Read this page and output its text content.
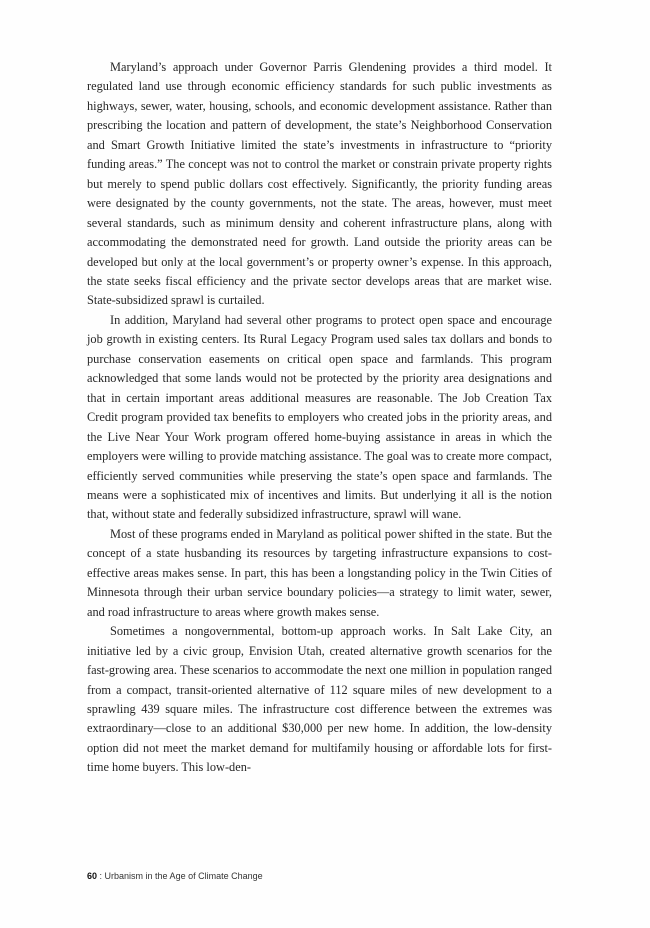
Maryland’s approach under Governor Parris Glendening provides a third model. It regulated land use through economic efficiency standards for such public investments as highways, sewer, water, housing, schools, and economic development assistance. Rather than prescribing the location and pattern of development, the state’s Neighborhood Conservation and Smart Growth Initiative limited the state’s investments in infrastructure to “priority funding areas.” The concept was not to control the market or constrain private property rights but merely to spend public dollars cost effectively. Significantly, the priority funding areas were designated by the county governments, not the state. The areas, however, must meet several standards, such as minimum density and coherent infrastructure plans, along with accommodating the demonstrated need for growth. Land outside the priority areas can be developed but only at the local government’s or property owner’s expense. In this approach, the state seeks fiscal efficiency and the private sector develops areas that are market wise. State-subsidized sprawl is curtailed.

In addition, Maryland had several other programs to protect open space and encourage job growth in existing centers. Its Rural Legacy Program used sales tax dollars and bonds to purchase conservation easements on critical open space and farmlands. This program acknowledged that some lands would not be protected by the priority area designations and that in certain important areas additional measures are reasonable. The Job Creation Tax Credit program provided tax benefits to employers who created jobs in the priority areas, and the Live Near Your Work program offered home-buying assistance in areas in which the employers were willing to provide matching assistance. The goal was to create more compact, efficiently served communities while preserving the state’s open space and farmlands. The means were a sophisticated mix of incentives and limits. But underlying it all is the notion that, without state and federally subsidized infrastructure, sprawl will wane.

Most of these programs ended in Maryland as political power shifted in the state. But the concept of a state husbanding its resources by targeting infrastructure expansions to cost-effective areas makes sense. In part, this has been a longstanding policy in the Twin Cities of Minnesota through their urban service boundary policies—a strategy to limit water, sewer, and road infrastructure to areas where growth makes sense.

Sometimes a nongovernmental, bottom-up approach works. In Salt Lake City, an initiative led by a civic group, Envision Utah, created alternative growth scenarios for the fast-growing area. These scenarios to accommodate the next one million in population ranged from a compact, transit-oriented alternative of 112 square miles of new development to a sprawling 439 square miles. The infrastructure cost difference between the extremes was extraordinary—close to an additional $30,000 per new home. In addition, the low-density option did not meet the market demand for multifamily housing or affordable lots for first-time home buyers. This low-den-

60 : Urbanism in the Age of Climate Change
